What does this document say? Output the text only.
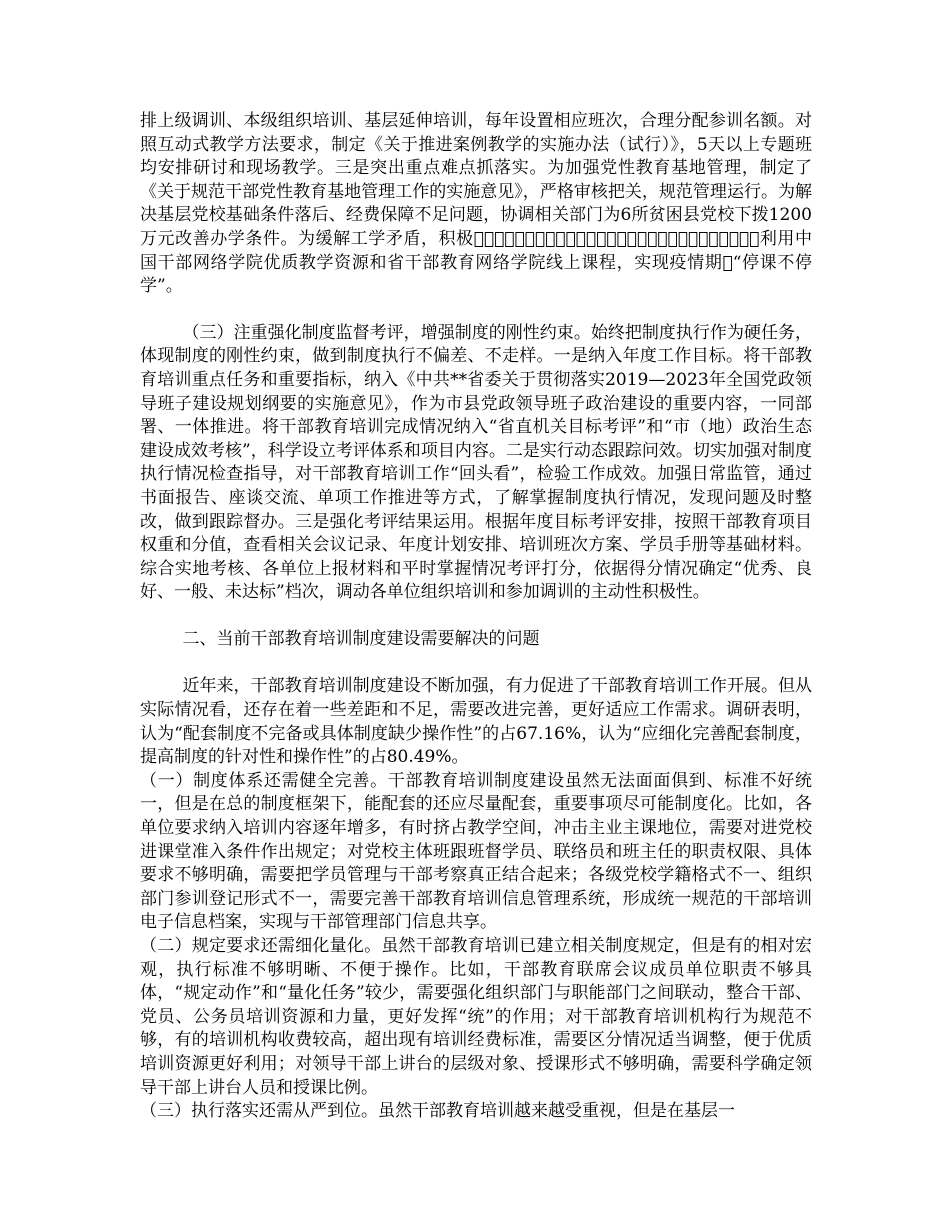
排上级调训、本级组织培训、基层延伸培训，每年设置相应班次，合理分配参训名额。对照互动式教学方法要求，制定《关于推进案例教学的实施办法（试行）》，5天以上专题班均安排研讨和现场教学。三是突出重点难点抓落实。为加强党性教育基地管理，制定了《关于规范干部党性教育基地管理工作的实施意见》，严格审核把关，规范管理运行。为解决基层党校基础条件落后、经费保障不足问题，协调相关部门为6所贫困县党校下拨1200万元改善办学条件。为缓解工学矛盾，积极􀀀􀀀􀀀􀀀􀀀􀀀􀀀􀀀􀀀􀀀􀀀􀀀􀀀􀀀􀀀􀀀􀀀􀀀􀀀􀀀􀀀􀀀􀀀􀀀􀀀􀀀􀀀􀀀利用中国干部网络学院优质教学资源和省干部教育网络学院线上课程，实现疫情期􀀀“停课不停学”。

（三）注重强化制度监督考评，增强制度的刚性约束。始终把制度执行作为硬任务，体现制度的刚性约束，做到制度执行不偏差、不走样。一是纳入年度工作目标。将干部教育培训重点任务和重要指标，纳入《中共**省委关于贯彻落实2019—2023年全国党政领导班子建设规划纲要的实施意见》，作为市县党政领导班子政治建设的重要内容，一同部署、一体推进。将干部教育培训完成情况纳入“省直机关目标考评”和“市（地）政治生态建设成效考核”，科学设立考评体系和项目内容。二是实行动态跟踪问效。切实加强对制度执行情况检查指导，对干部教育培训工作“回头看”，检验工作成效。加强日常监管，通过书面报告、座谈交流、单项工作推进等方式，了解掌握制度执行情况，发现问题及时整改，做到跟踪督办。三是强化考评结果运用。根据年度目标考评安排，按照干部教育项目权重和分值，查看相关会议记录、年度计划安排、培训班次方案、学员手册等基础材料。综合实地考核、各单位上报材料和平时掌握情况考评打分，依据得分情况确定“优秀、良好、一般、未达标”档次，调动各单位组织培训和参加调训的主动性积极性。

二、当前干部教育培训制度建设需要解决的问题

近年来，干部教育培训制度建设不断加强，有力促进了干部教育培训工作开展。但从实际情况看，还存在着一些差距和不足，需要改进完善，更好适应工作需求。调研表明，认为“配套制度不完备或具体制度缺少操作性”的占67.16%，认为“应细化完善配套制度，提高制度的针对性和操作性”的占80.49%。

（一）制度体系还需健全完善。干部教育培训制度建设虽然无法面面俱到、标准不好统一，但是在总的制度框架下，能配套的还应尽量配套，重要事项尽可能制度化。比如，各单位要求纳入培训内容逐年增多，有时挤占教学空间，冲击主业主课地位，需要对进党校进课堂准入条件作出规定；对党校主体班跟班督学员、联络员和班主任的职责权限、具体要求不够明确，需要把学员管理与干部考察真正结合起来；各级党校学籍格式不一、组织部门参训登记形式不一，需要完善干部教育培训信息管理系统，形成统一规范的干部培训电子信息档案，实现与干部管理部门信息共享。

（二）规定要求还需细化量化。虽然干部教育培训已建立相关制度规定，但是有的相对宏观，执行标准不够明晰、不便于操作。比如，干部教育联席会议成员单位职责不够具体，“规定动作”和“量化任务”较少，需要强化组织部门与职能部门之间联动，整合干部、党员、公务员培训资源和力量，更好发挥“统”的作用；对干部教育培训机构行为规范不够，有的培训机构收费较高，超出现有培训经费标准，需要区分情况适当调整，便于优质培训资源更好利用；对领导干部上讲台的层级对象、授课形式不够明确，需要科学确定领导干部上讲台人员和授课比例。

（三）执行落实还需从严到位。虽然干部教育培训越来越受重视，但是在基层一
